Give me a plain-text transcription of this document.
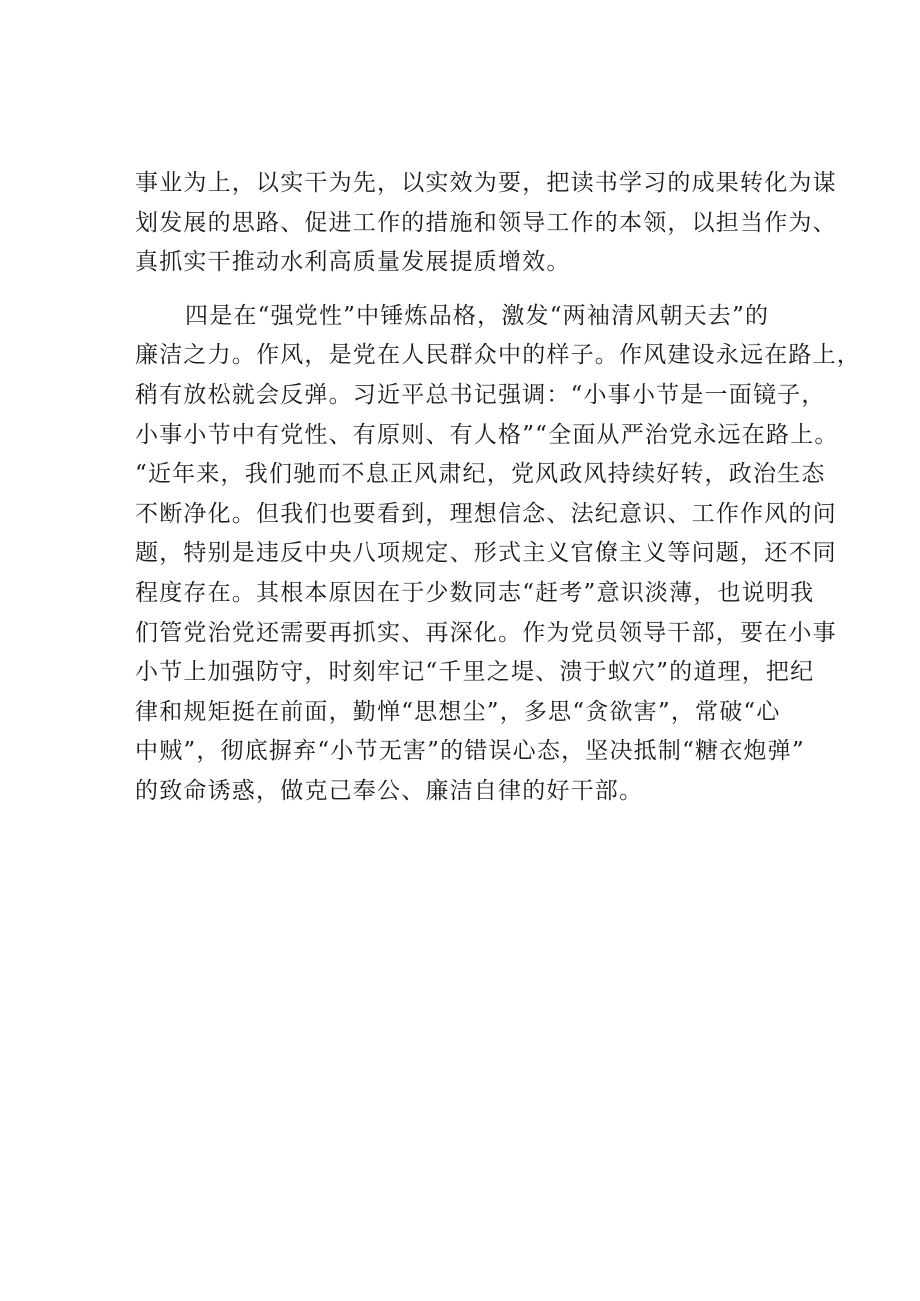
事业为上，以实干为先，以实效为要，把读书学习的成果转化为谋
划发展的思路、促进工作的措施和领导工作的本领，以担当作为、
真抓实干推动水利高质量发展提质增效。
四是在“强党性”中锤炼品格，激发“两袖清风朝天去”的
廉洁之力。作风，是党在人民群众中的样子。作风建设永远在路上，
稍有放松就会反弹。习近平总书记强调：“小事小节是一面镜子，
小事小节中有党性、有原则、有人格”“全面从严治党永远在路上。
“近年来，我们驰而不息正风肃纪，党风政风持续好转，政治生态
不断净化。但我们也要看到，理想信念、法纪意识、工作作风的问
题，特别是违反中央八项规定、形式主义官僚主义等问题，还不同
程度存在。其根本原因在于少数同志“赶考”意识淡薄，也说明我
们管党治党还需要再抓实、再深化。作为党员领导干部，要在小事
小节上加强防守，时刻牢记“千里之堤、溃于蚁穴”的道理，把纪
律和规矩挺在前面，勤惮“思想尘”，多思“贪欲害”，常破“心
中贼”，彻底摒弃“小节无害”的错误心态，坚决抵制“糖衣炮弹”
的致命诱惑，做克己奉公、廉洁自律的好干部。
